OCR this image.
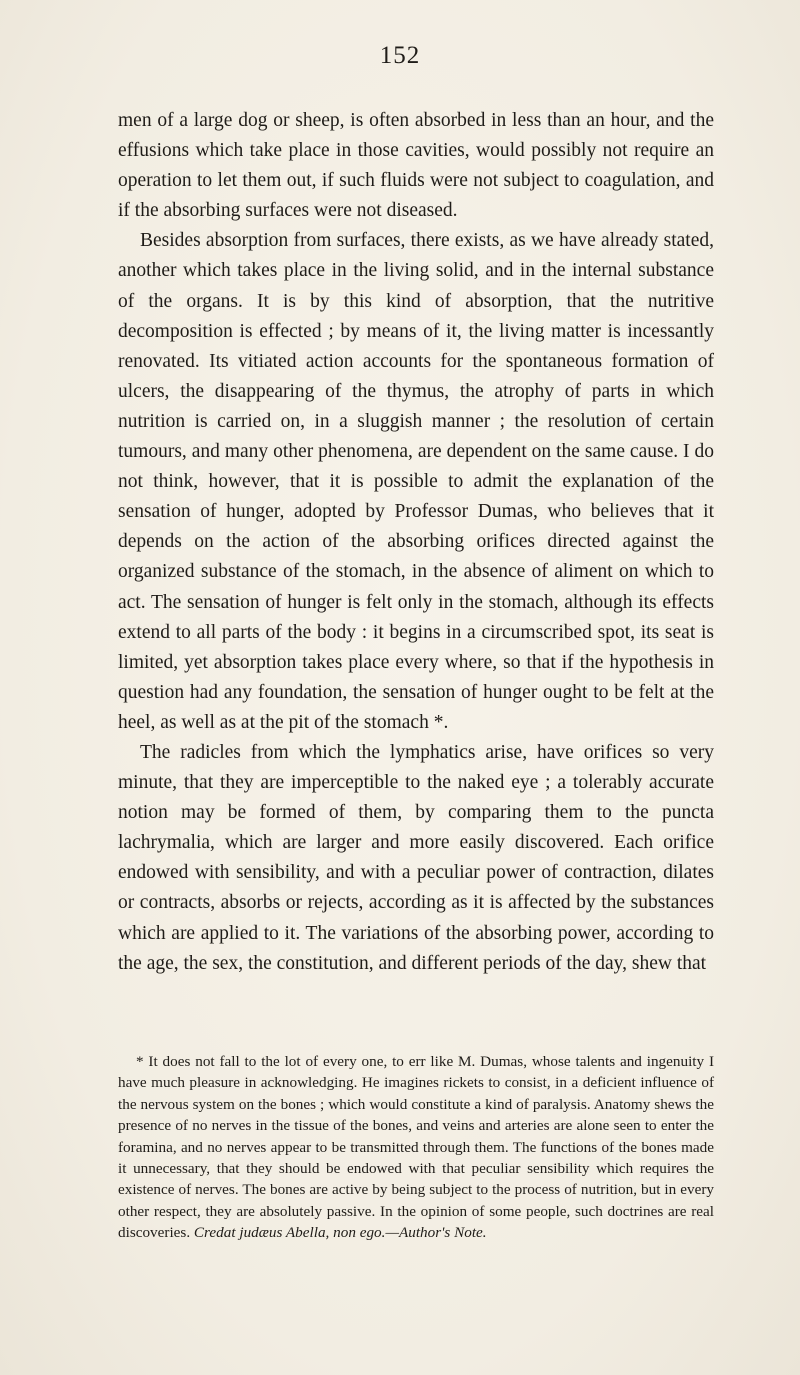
152

men of a large dog or sheep, is often absorbed in less than an hour, and the effusions which take place in those cavities, would possibly not require an operation to let them out, if such fluids were not subject to coagulation, and if the absorbing surfaces were not diseased.

Besides absorption from surfaces, there exists, as we have already stated, another which takes place in the living solid, and in the internal substance of the organs. It is by this kind of absorption, that the nutritive decomposition is effected ; by means of it, the living matter is incessantly renovated. Its vitiated action accounts for the spontaneous formation of ulcers, the disappearing of the thymus, the atrophy of parts in which nutrition is carried on, in a sluggish manner ; the resolution of certain tumours, and many other phenomena, are dependent on the same cause. I do not think, however, that it is possible to admit the explanation of the sensation of hunger, adopted by Professor Dumas, who believes that it depends on the action of the absorbing orifices directed against the organized substance of the stomach, in the absence of aliment on which to act. The sensation of hunger is felt only in the stomach, although its effects extend to all parts of the body : it begins in a circumscribed spot, its seat is limited, yet absorption takes place every where, so that if the hypothesis in question had any foundation, the sensation of hunger ought to be felt at the heel, as well as at the pit of the stomach *.

The radicles from which the lymphatics arise, have orifices so very minute, that they are imperceptible to the naked eye ; a tolerably accurate notion may be formed of them, by comparing them to the puncta lachrymalia, which are larger and more easily discovered. Each orifice endowed with sensibility, and with a peculiar power of contraction, dilates or contracts, absorbs or rejects, according as it is affected by the substances which are applied to it. The variations of the absorbing power, according to the age, the sex, the constitution, and different periods of the day, shew that

* It does not fall to the lot of every one, to err like M. Dumas, whose talents and ingenuity I have much pleasure in acknowledging. He imagines rickets to consist, in a deficient influence of the nervous system on the bones ; which would constitute a kind of paralysis. Anatomy shews the presence of no nerves in the tissue of the bones, and veins and arteries are alone seen to enter the foramina, and no nerves appear to be transmitted through them. The functions of the bones made it unnecessary, that they should be endowed with that peculiar sensibility which requires the existence of nerves. The bones are active by being subject to the process of nutrition, but in every other respect, they are absolutely passive. In the opinion of some people, such doctrines are real discoveries. Credat judæus Abella, non ego.—Author's Note.
